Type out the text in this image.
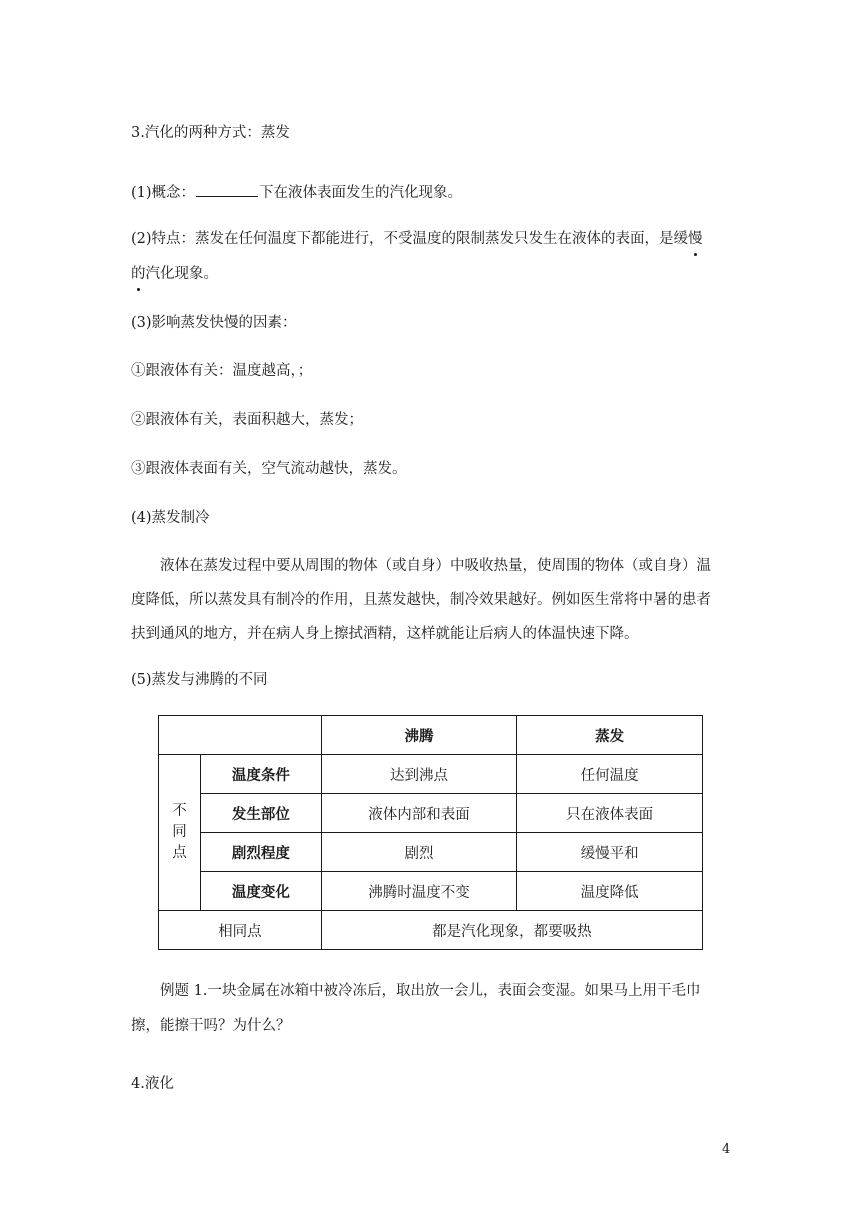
3.汽化的两种方式：蒸发
(1)概念：	下在液体表面发生的汽化现象。
(2)特点：蒸发在任何温度下都能进行，不受温度的限制蒸发只发生在液体的表面，是缓慢
的汽化现象。
(3)影响蒸发快慢的因素：
①跟液体有关：温度越高，；
②跟液体有关，表面积越大，蒸发；
③跟液体表面有关，空气流动越快，蒸发。
(4)蒸发制冷
液体在蒸发过程中要从周围的物体（或自身）中吸收热量，使周围的物体（或自身）温
度降低，所以蒸发具有制冷的作用，且蒸发越快，制冷效果越好。例如医生常将中暑的患者
扶到通风的地方，并在病人身上擦拭酒精，这样就能让后病人的体温快速下降。
(5)蒸发与沸腾的不同
		沸腾	蒸发
不
同
点	温度条件	达到沸点	任何温度
	发生部位	液体内部和表面	只在液体表面
	剧烈程度	剧烈	缓慢平和
	温度变化	沸腾时温度不变	温度降低
相同点		都是汽化现象，都要吸热	
例题 1.一块金属在冰箱中被冷冻后，取出放一会儿，表面会变湿。如果马上用干毛巾
擦，能擦干吗？为什么？
4.液化
4
